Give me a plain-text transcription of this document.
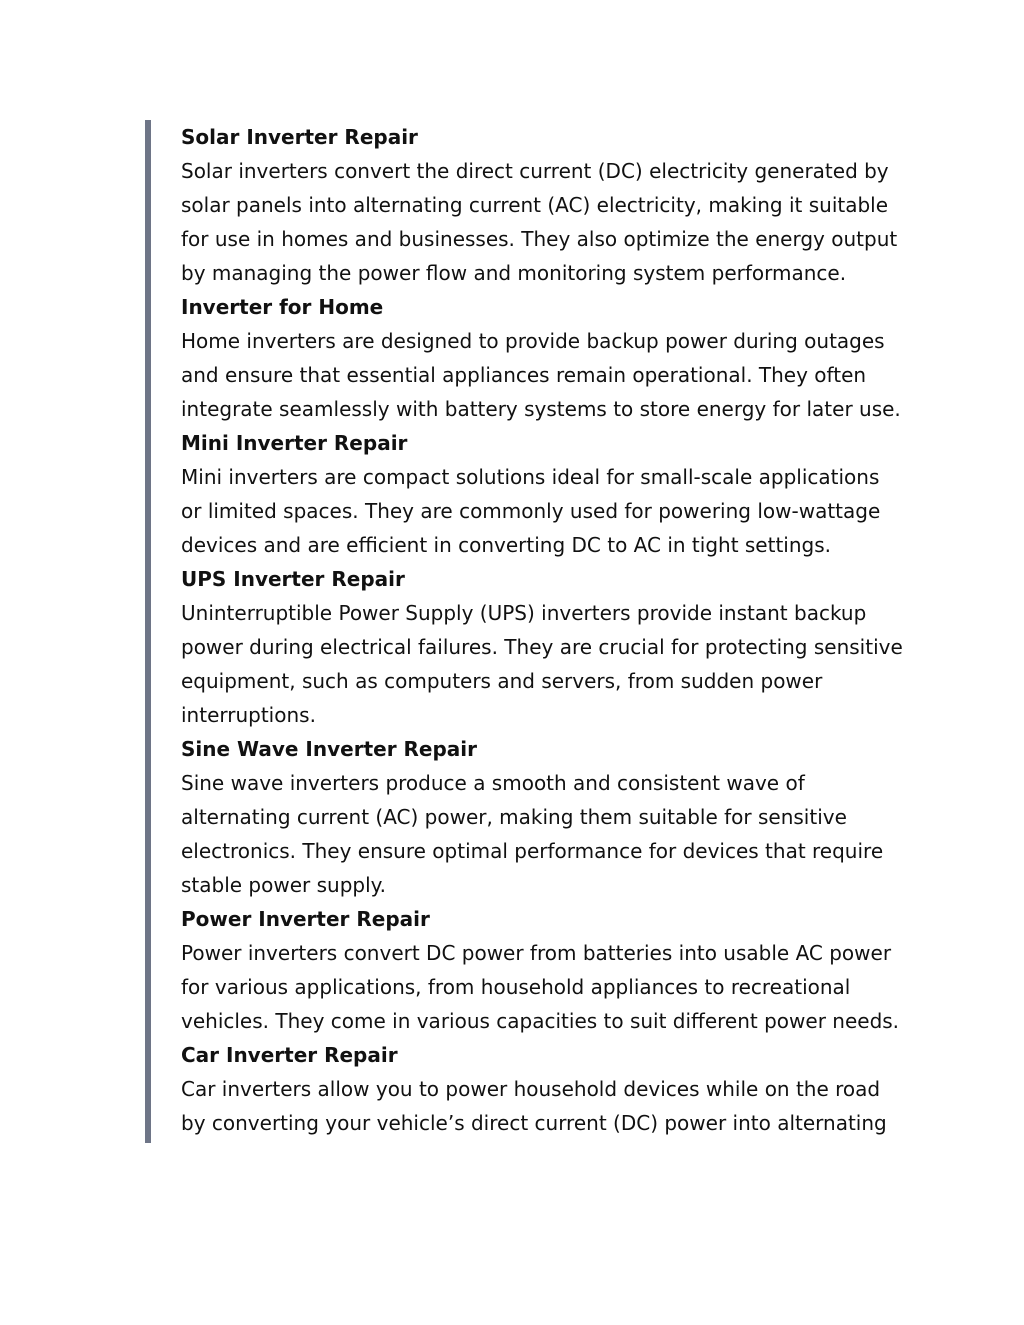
Solar Inverter Repair
Solar inverters convert the direct current (DC) electricity generated by
solar panels into alternating current (AC) electricity, making it suitable
for use in homes and businesses. They also optimize the energy output
by managing the power flow and monitoring system performance.
Inverter for Home
Home inverters are designed to provide backup power during outages
and ensure that essential appliances remain operational. They often
integrate seamlessly with battery systems to store energy for later use.
Mini Inverter Repair
Mini inverters are compact solutions ideal for small-scale applications
or limited spaces. They are commonly used for powering low-wattage
devices and are efficient in converting DC to AC in tight settings.
UPS Inverter Repair
Uninterruptible Power Supply (UPS) inverters provide instant backup
power during electrical failures. They are crucial for protecting sensitive
equipment, such as computers and servers, from sudden power
interruptions.
Sine Wave Inverter Repair
Sine wave inverters produce a smooth and consistent wave of
alternating current (AC) power, making them suitable for sensitive
electronics. They ensure optimal performance for devices that require
stable power supply.
Power Inverter Repair
Power inverters convert DC power from batteries into usable AC power
for various applications, from household appliances to recreational
vehicles. They come in various capacities to suit different power needs.
Car Inverter Repair
Car inverters allow you to power household devices while on the road
by converting your vehicle’s direct current (DC) power into alternating
